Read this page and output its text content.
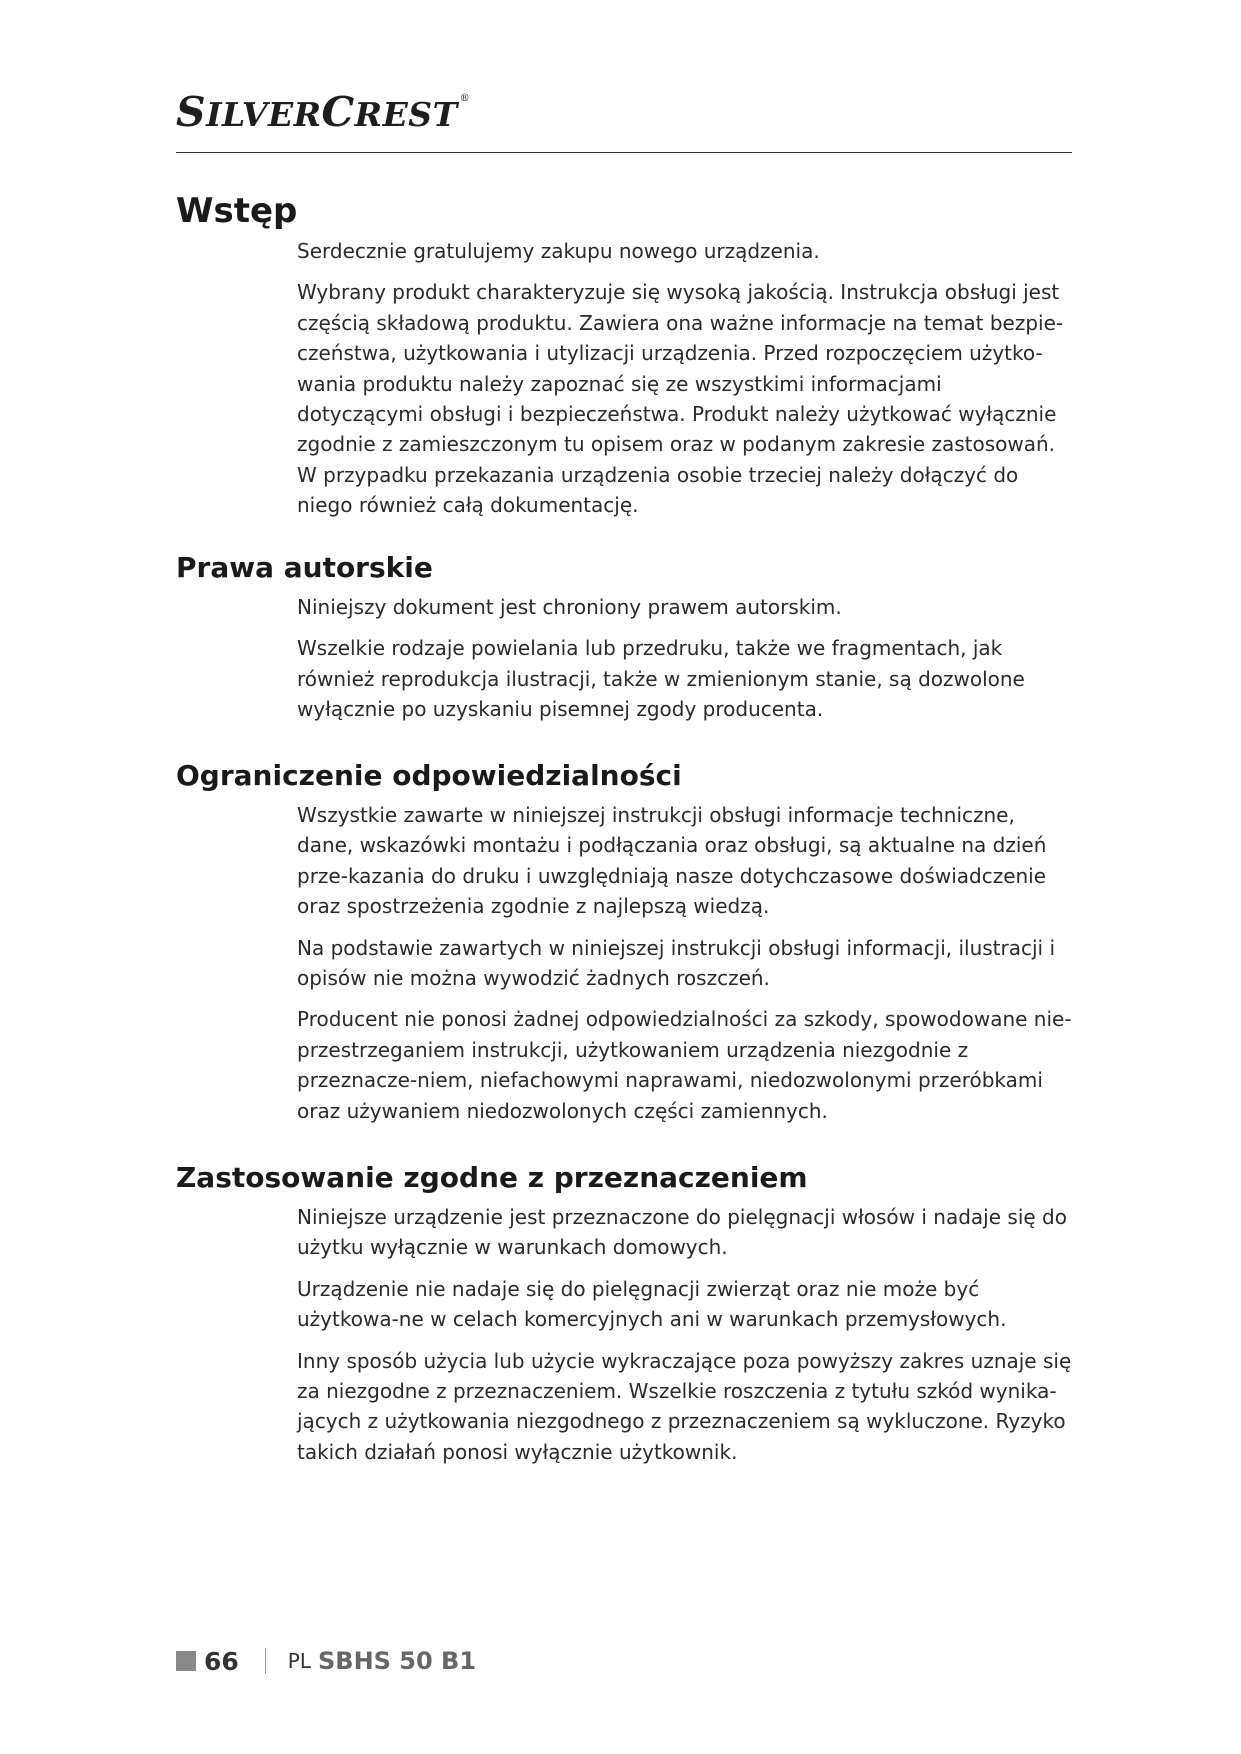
SILVERCREST ®
Wstęp

Serdecznie gratulujemy zakupu nowego urządzenia.

Wybrany produkt charakteryzuje się wysoką jakością. Instrukcja obsługi jest częścią składową produktu. Zawiera ona ważne informacje na temat bezpie-czeństwa, użytkowania i utylizacji urządzenia. Przed rozpoczęciem użytko-wania produktu należy zapoznać się ze wszystkimi informacjami dotyczącymi obsługi i bezpieczeństwa. Produkt należy użytkować wyłącznie zgodnie z zamieszczonym tu opisem oraz w podanym zakresie zastosowań. W przypadku przekazania urządzenia osobie trzeciej należy dołączyć do niego również całą dokumentację.

Prawa autorskie

Niniejszy dokument jest chroniony prawem autorskim.

Wszelkie rodzaje powielania lub przedruku, także we fragmentach, jak również reprodukcja ilustracji, także w zmienionym stanie, są dozwolone wyłącznie po uzyskaniu pisemnej zgody producenta.

Ograniczenie odpowiedzialności

Wszystkie zawarte w niniejszej instrukcji obsługi informacje techniczne, dane, wskazówki montażu i podłączania oraz obsługi, są aktualne na dzień prze-kazania do druku i uwzględniają nasze dotychczasowe doświadczenie oraz spostrzeżenia zgodnie z najlepszą wiedzą.

Na podstawie zawartych w niniejszej instrukcji obsługi informacji, ilustracji i opisów nie można wywodzić żadnych roszczeń.

Producent nie ponosi żadnej odpowiedzialności za szkody, spowodowane nie-przestrzeganiem instrukcji, użytkowaniem urządzenia niezgodnie z przeznacze-niem, niefachowymi naprawami, niedozwolonymi przeróbkami oraz używaniem niedozwolonych części zamiennych.

Zastosowanie zgodne z przeznaczeniem

Niniejsze urządzenie jest przeznaczone do pielęgnacji włosów i nadaje się do użytku wyłącznie w warunkach domowych.

Urządzenie nie nadaje się do pielęgnacji zwierząt oraz nie może być użytkowa-ne w celach komercyjnych ani w warunkach przemysłowych.

Inny sposób użycia lub użycie wykraczające poza powyższy zakres uznaje się za niezgodne z przeznaczeniem. Wszelkie roszczenia z tytułu szkód wynika-jących z użytkowania niezgodnego z przeznaczeniem są wykluczone. Ryzyko takich działań ponosi wyłącznie użytkownik.

66 PL SBHS 50 B1
